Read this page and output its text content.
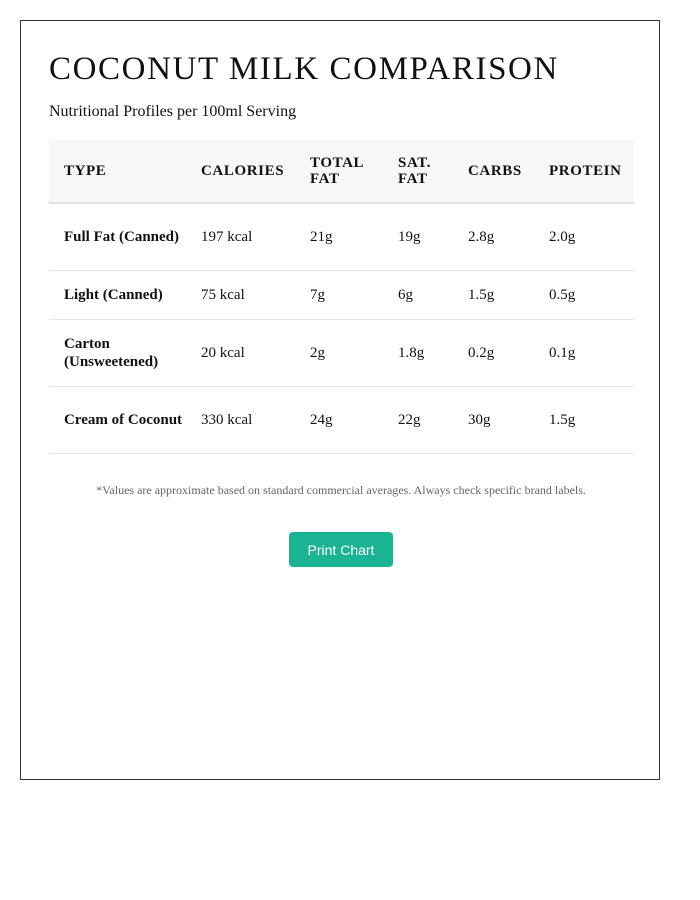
COCONUT MILK COMPARISON

Nutritional Profiles per 100ml Serving

TYPE	CALORIES	TOTAL FAT	SAT. FAT	CARBS	PROTEIN
Full Fat (Canned)	197 kcal	21g	19g	2.8g	2.0g
Light (Canned)	75 kcal	7g	6g	1.5g	0.5g
Carton (Unsweetened)	20 kcal	2g	1.8g	0.2g	0.1g
Cream of Coconut	330 kcal	24g	22g	30g	1.5g

*Values are approximate based on standard commercial averages. Always check specific brand labels.

Print Chart
